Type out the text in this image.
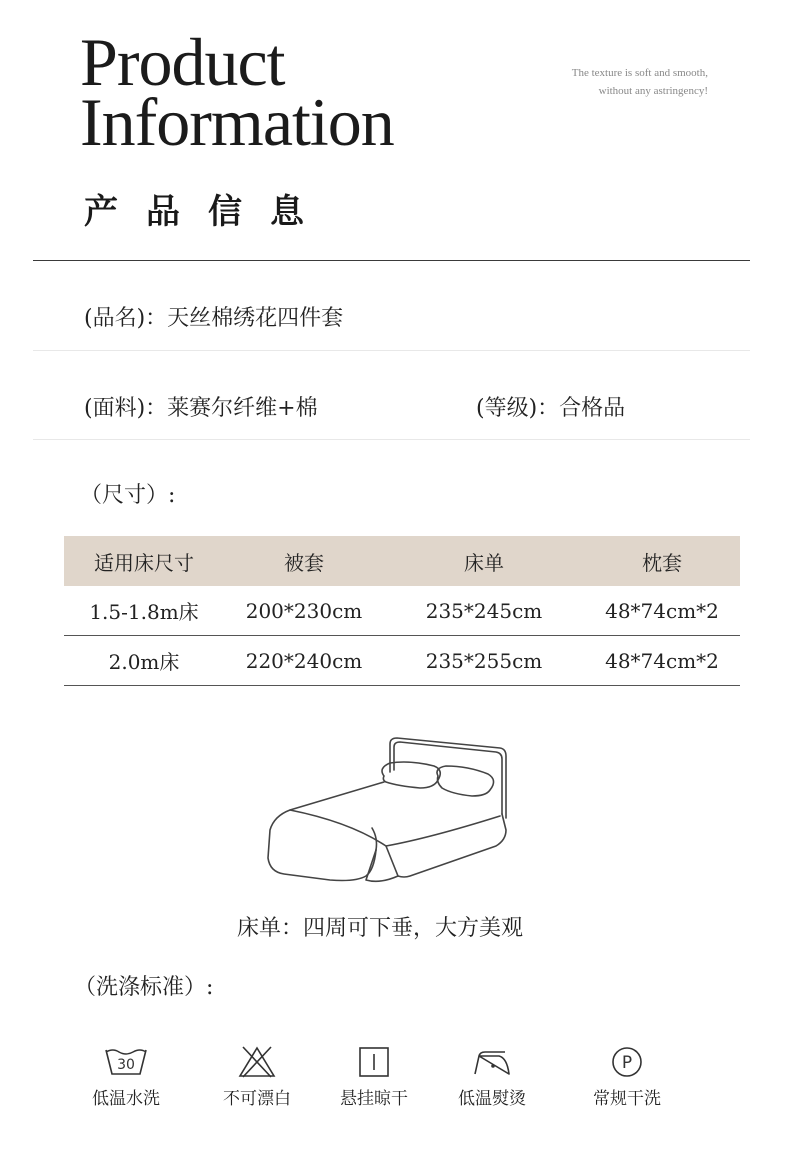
Product
Information
The texture is soft and smooth,
without any astringency!
产品信息
(品名)：天丝棉绣花四件套
(面料)：莱赛尔纤维+棉	(等级)：合格品
（尺寸）:
适用床尺寸	被套	床单	枕套
1.5-1.8m床	200*230cm	235*245cm	48*74cm*2
2.0m床	220*240cm	235*255cm	48*74cm*2
床单：四周可下垂，大方美观
（洗涤标准）:
30
低温水洗	不可漂白	悬挂晾干	低温熨烫
P
常规干洗
